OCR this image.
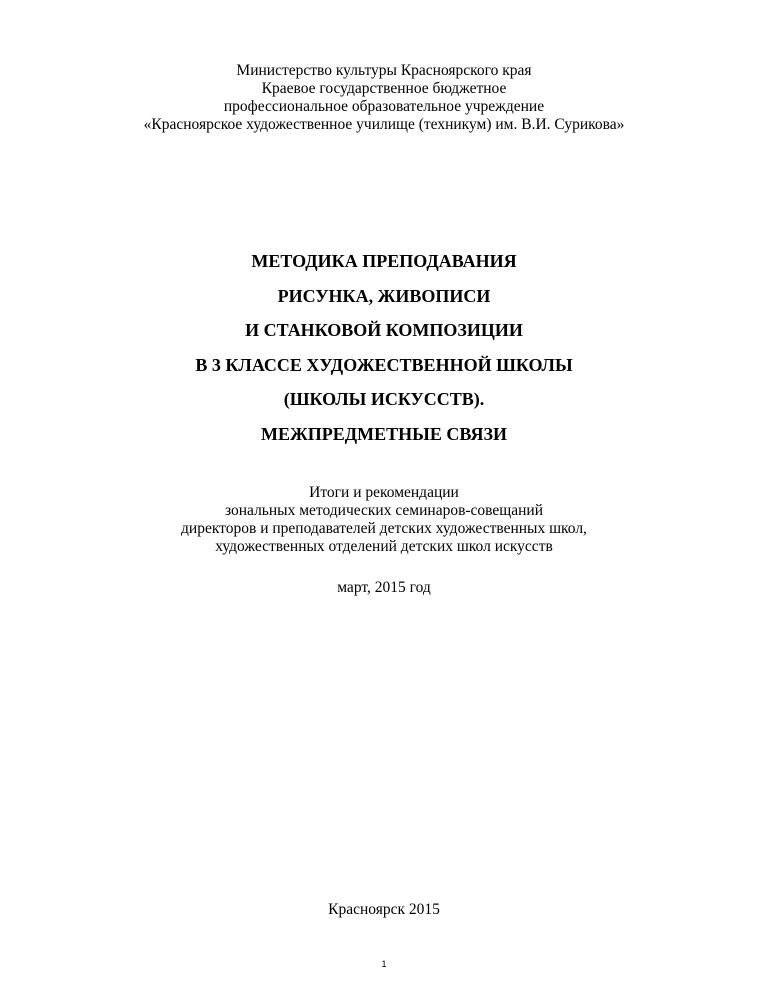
Министерство культуры Красноярского края
Краевое государственное бюджетное
профессиональное образовательное учреждение
«Красноярское художественное училище (техникум) им. В.И. Сурикова»
МЕТОДИКА ПРЕПОДАВАНИЯ
РИСУНКА, ЖИВОПИСИ
И СТАНКОВОЙ КОМПОЗИЦИИ
В 3 КЛАССЕ ХУДОЖЕСТВЕННОЙ ШКОЛЫ
(ШКОЛЫ ИСКУССТВ).
МЕЖПРЕДМЕТНЫЕ СВЯЗИ
Итоги и рекомендации
зональных методических семинаров-совещаний
директоров и преподавателей детских художественных школ,
художественных отделений детских школ искусств
март, 2015 год
Красноярск 2015
1
